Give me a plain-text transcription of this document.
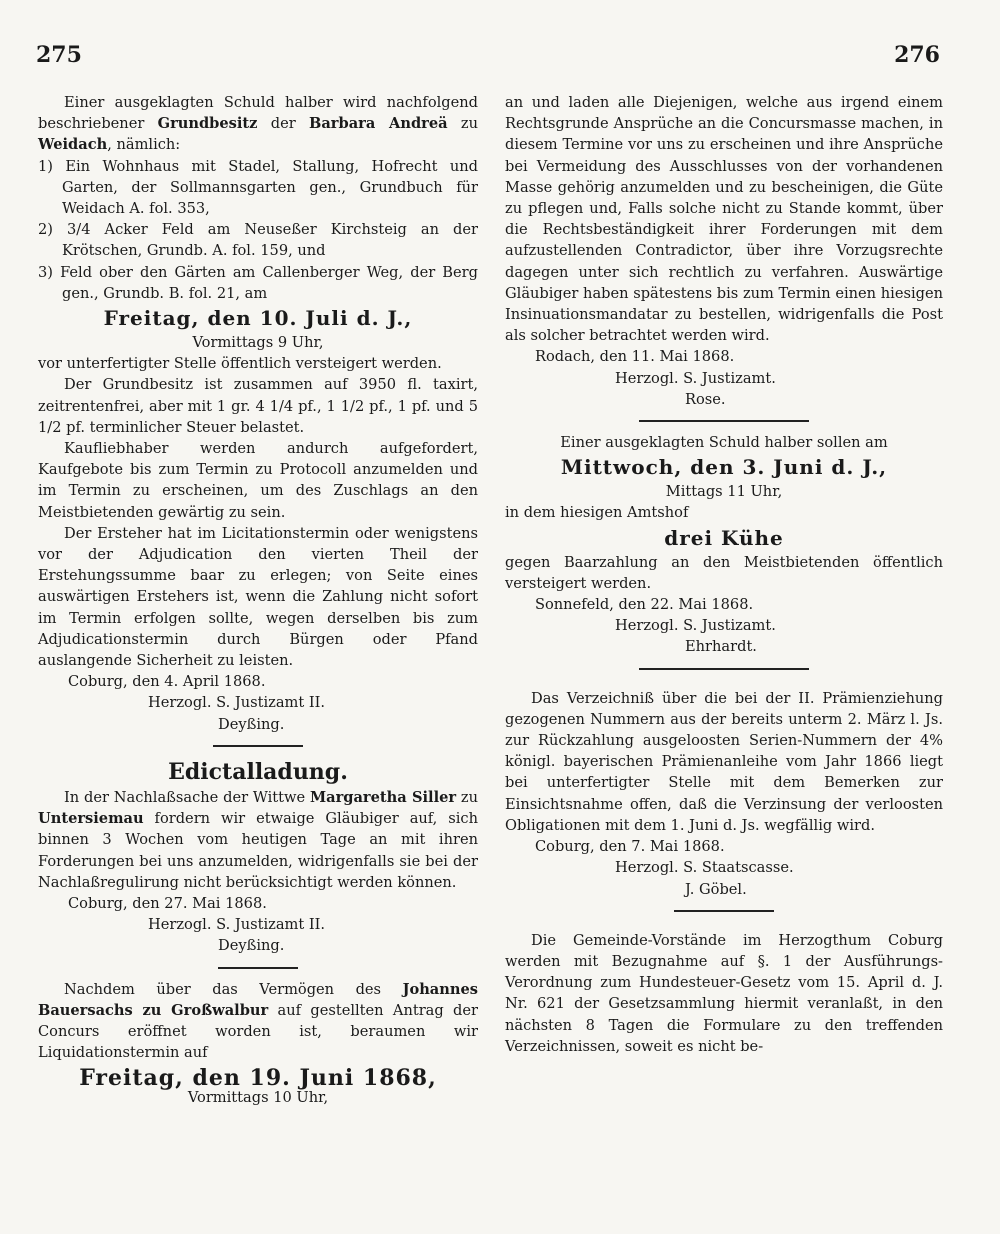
275	276

Einer ausgeklagten Schuld halber wird nachfolgend beschriebener Grundbesitz der Barbara Andreä zu Weidach, nämlich:

1) Ein Wohnhaus mit Stadel, Stallung, Hofrecht und Garten, der Sollmannsgarten gen., Grundbuch für Weidach A. fol. 353,

2) 3/4 Acker Feld am Neuseßer Kirchsteig an der Krötschen, Grundb. A. fol. 159, und

3) Feld ober den Gärten am Callenberger Weg, der Berg gen., Grundb. B. fol. 21, am

Freitag, den 10. Juli d. J.,

Vormittags 9 Uhr,

vor unterfertigter Stelle öffentlich versteigert werden.

Der Grundbesitz ist zusammen auf 3950 fl. taxirt, zeitrentenfrei, aber mit 1 gr. 4 1/4 pf., 1 1/2 pf., 1 pf. und 5 1/2 pf. terminlicher Steuer belastet.

Kaufliebhaber werden andurch aufgefordert, Kaufgebote bis zum Termin zu Protocoll anzumelden und im Termin zu erscheinen, um des Zuschlags an den Meistbietenden gewärtig zu sein.

Der Ersteher hat im Licitationstermin oder wenigstens vor der Adjudication den vierten Theil der Erstehungssumme baar zu erlegen; von Seite eines auswärtigen Erstehers ist, wenn die Zahlung nicht sofort im Termin erfolgen sollte, wegen derselben bis zum Adjudicationstermin durch Bürgen oder Pfand auslangende Sicherheit zu leisten.

Coburg, den 4. April 1868.

Herzogl. S. Justizamt II.

Deyßing.

Edictalladung.

In der Nachlaßsache der Wittwe Margaretha Siller zu Untersiemau fordern wir etwaige Gläubiger auf, sich binnen 3 Wochen vom heutigen Tage an mit ihren Forderungen bei uns anzumelden, widrigenfalls sie bei der Nachlaßregulirung nicht berücksichtigt werden können.

Coburg, den 27. Mai 1868.

Herzogl. S. Justizamt II.

Deyßing.

Nachdem über das Vermögen des Johannes Bauersachs zu Großwalbur auf gestellten Antrag der Concurs eröffnet worden ist, beraumen wir Liquidationstermin auf

Freitag, den 19. Juni 1868,

Vormittags 10 Uhr,

an und laden alle Diejenigen, welche aus irgend einem Rechtsgrunde Ansprüche an die Concursmasse machen, in diesem Termine vor uns zu erscheinen und ihre Ansprüche bei Vermeidung des Ausschlusses von der vorhandenen Masse gehörig anzumelden und zu bescheinigen, die Güte zu pflegen und, Falls solche nicht zu Stande kommt, über die Rechtsbeständigkeit ihrer Forderungen mit dem aufzustellenden Contradictor, über ihre Vorzugsrechte dagegen unter sich rechtlich zu verfahren. Auswärtige Gläubiger haben spätestens bis zum Termin einen hiesigen Insinuationsmandatar zu bestellen, widrigenfalls die Post als solcher betrachtet werden wird.

Rodach, den 11. Mai 1868.

Herzogl. S. Justizamt.

Rose.

Einer ausgeklagten Schuld halber sollen am

Mittwoch, den 3. Juni d. J.,

Mittags 11 Uhr,

in dem hiesigen Amtshof

drei Kühe

gegen Baarzahlung an den Meistbietenden öffentlich versteigert werden.

Sonnefeld, den 22. Mai 1868.

Herzogl. S. Justizamt.

Ehrhardt.

Das Verzeichniß über die bei der II. Prämienziehung gezogenen Nummern aus der bereits unterm 2. März l. Js. zur Rückzahlung ausgeloosten Serien-Nummern der 4% königl. bayerischen Prämienanleihe vom Jahr 1866 liegt bei unterfertigter Stelle mit dem Bemerken zur Einsichtsnahme offen, daß die Verzinsung der verloosten Obligationen mit dem 1. Juni d. Js. wegfällig wird.

Coburg, den 7. Mai 1868.

Herzogl. S. Staatscasse.

J. Göbel.

Die Gemeinde-Vorstände im Herzogthum Coburg werden mit Bezugnahme auf §. 1 der Ausführungs-Verordnung zum Hundesteuer-Gesetz vom 15. April d. J. Nr. 621 der Gesetzsammlung hiermit veranlaßt, in den nächsten 8 Tagen die Formulare zu den treffenden Verzeichnissen, soweit es nicht be-
